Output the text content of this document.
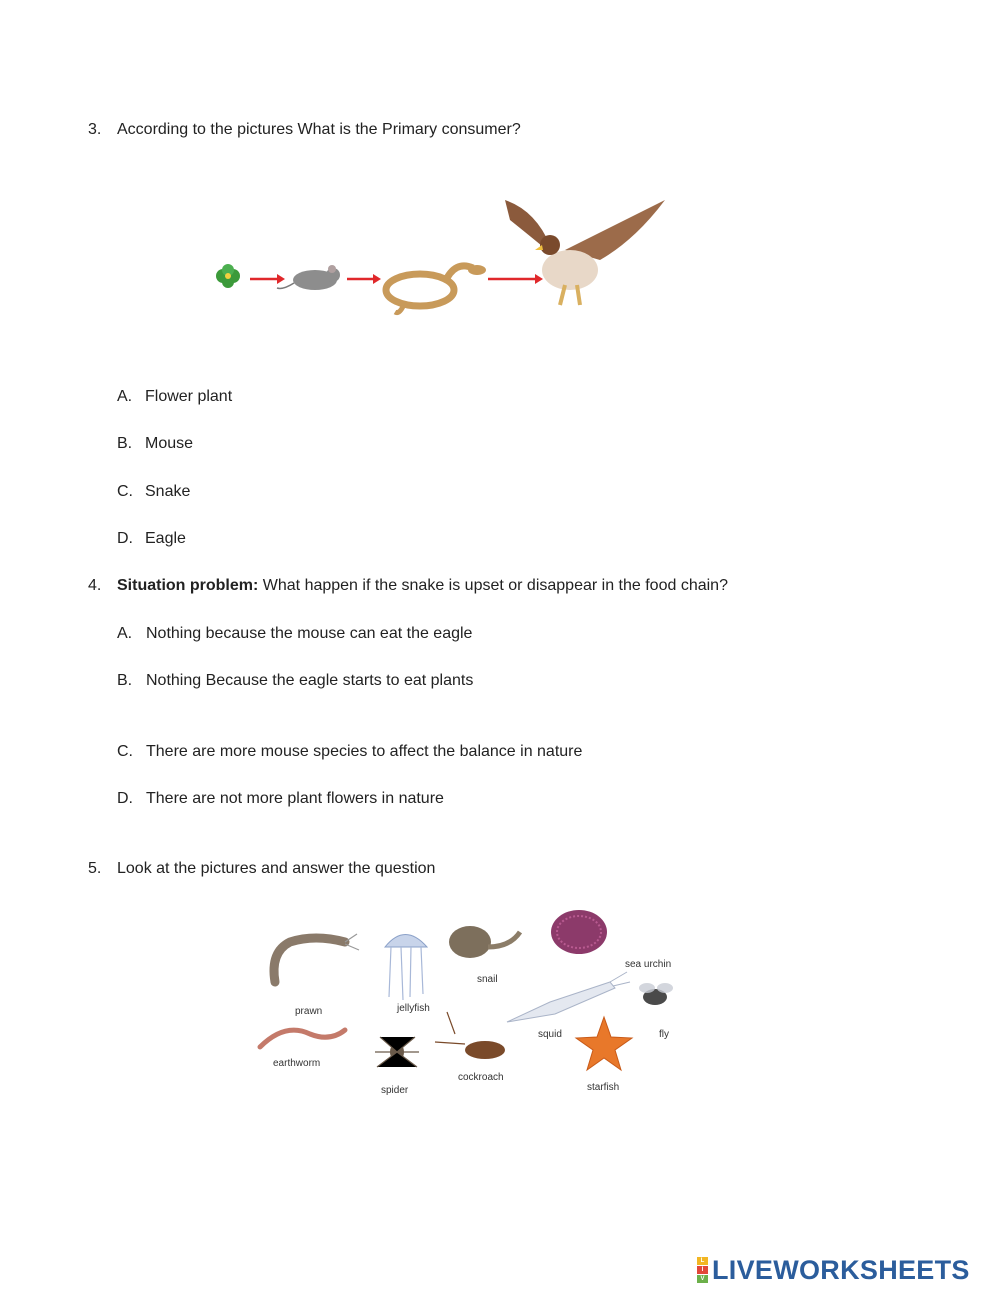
3. According to the pictures What is the Primary consumer?
A. Flower plant
B. Mouse
C. Snake
D. Eagle
4. Situation problem: What happen if the snake is upset or disappear in the food chain?
A. Nothing because the mouse can eat the eagle
B. Nothing Because the eagle starts to eat plants
C. There are more mouse species to affect the balance in nature
D. There are not more plant flowers in nature
5. Look at the pictures and answer the question
prawn	jellyfish
snail
sea urchin
fly
squid
earthworm
spider
cockroach
starfish
L
I
V LIVEWORKSHEETS
